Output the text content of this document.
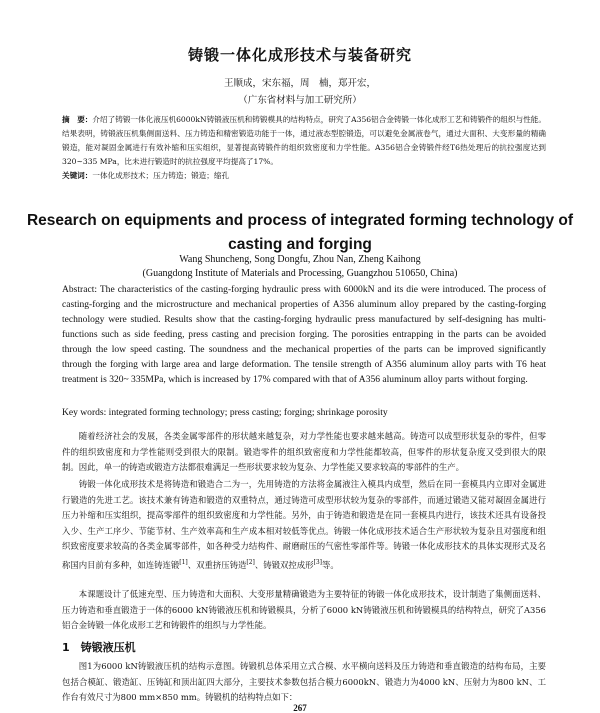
铸锻一体化成形技术与装备研究
王顺成，宋东福，周　楠，郑开宏，
（广东省材料与加工研究所）
摘　要：介绍了铸锻一体化液压机6000kN铸锻液压机和铸锻模具的结构特点，研究了A356铝合金铸锻一体化成形工艺和铸锻件的组织与性能。结果表明，铸锻液压机集侧面送料、压力铸造和精密锻造功能于一体，通过液态型腔锻造，可以避免金属液卷气，通过大面积、大变形量的精确锻造，能对凝固金属进行有效补缩和压实组织，显著提高铸锻件的组织致密度和力学性能。A356铝合金铸锻件经T6热处理后的抗拉强度达到320~335 MPa，比未进行锻造时的抗拉强度平均提高了17%。
关键词：一体化成形技术；压力铸造；锻造；缩孔
Research on equipments and process of integrated forming technology of casting and forging
Wang Shuncheng, Song Dongfu, Zhou Nan, Zheng Kaihong
(Guangdong Institute of Materials and Processing, Guangzhou 510650, China)
Abstract: The characteristics of the casting-forging hydraulic press with 6000kN and its die were introduced. The process of casting-forging and the microstructure and mechanical properties of A356 aluminum alloy prepared by the casting-forging technology were studied. Results show that the casting-forging hydraulic press manufactured by self-designing has multi-functions such as side feeding, press casting and precision forging. The porosities entrapping in the parts can be avoided through the low speed casting. The soundness and the mechanical properties of the parts can be improved significantly through the forging with large area and large deformation. The tensile strength of A356 aluminum alloy parts with T6 heat treatment is 320~ 335MPa, which is increased by 17% compared with that of A356 aluminum alloy parts without forging.
Key words: integrated forming technology; press casting; forging; shrinkage porosity
随着经济社会的发展，各类金属零部件的形状越来越复杂，对力学性能也要求越来越高。铸造可以成型形状复杂的零件，但零件的组织致密度和力学性能则受到很大的限制。锻造零件的组织致密度和力学性能都较高，但零件的形状复杂度又受到很大的限制。因此，单一的铸造或锻造方法都很难满足一些形状要求较为复杂、力学性能又要求较高的零部件的生产。
铸锻一体化成形技术是将铸造和锻造合二为一，先用铸造的方法将金属液注入模具内成型，然后在同一套模具内立即对金属进行锻造的先进工艺。该技术兼有铸造和锻造的双重特点，通过铸造可成型形状较为复杂的零部件，而通过锻造又能对凝固金属进行压力补缩和压实组织，提高零部件的组织致密度和力学性能。另外，由于铸造和锻造是在同一套模具内进行，该技术还具有设备投入少、生产工序少、节能节材、生产效率高和生产成本相对较低等优点。铸锻一体化成形技术适合生产形状较为复杂且对强度和组织致密度要求较高的各类金属零部件，如各种受力结构件、耐磨耐压的气密性零部件等。铸锻一体化成形技术的具体实现形式及名称国内目前有多种，如连铸连锻[1]、双重挤压铸造[2]、铸锻双控成形[3]等。
本课题设计了低速充型、压力铸造和大面积、大变形量精确锻造为主要特征的铸锻一体化成形技术，设计制造了集侧面送料、压力铸造和垂直锻造于一体的6000 kN铸锻液压机和铸锻模具，分析了6000 kN铸锻液压机和铸锻模具的结构特点，研究了A356铝合金铸锻一体化成形工艺和铸锻件的组织与力学性能。
1　铸锻液压机
图1为6000 kN铸锻液压机的结构示意图。铸锻机总体采用立式合模、水平横向送料及压力铸造和垂直锻造的结构布局，主要包括合模缸、锻造缸、压铸缸和顶出缸四大部分，主要技术参数包括合模力6000kN、锻造力为4000 kN、压射力为800 kN、工作台有效尺寸为800 mm×850 mm。铸锻机的结构特点如下：
267
